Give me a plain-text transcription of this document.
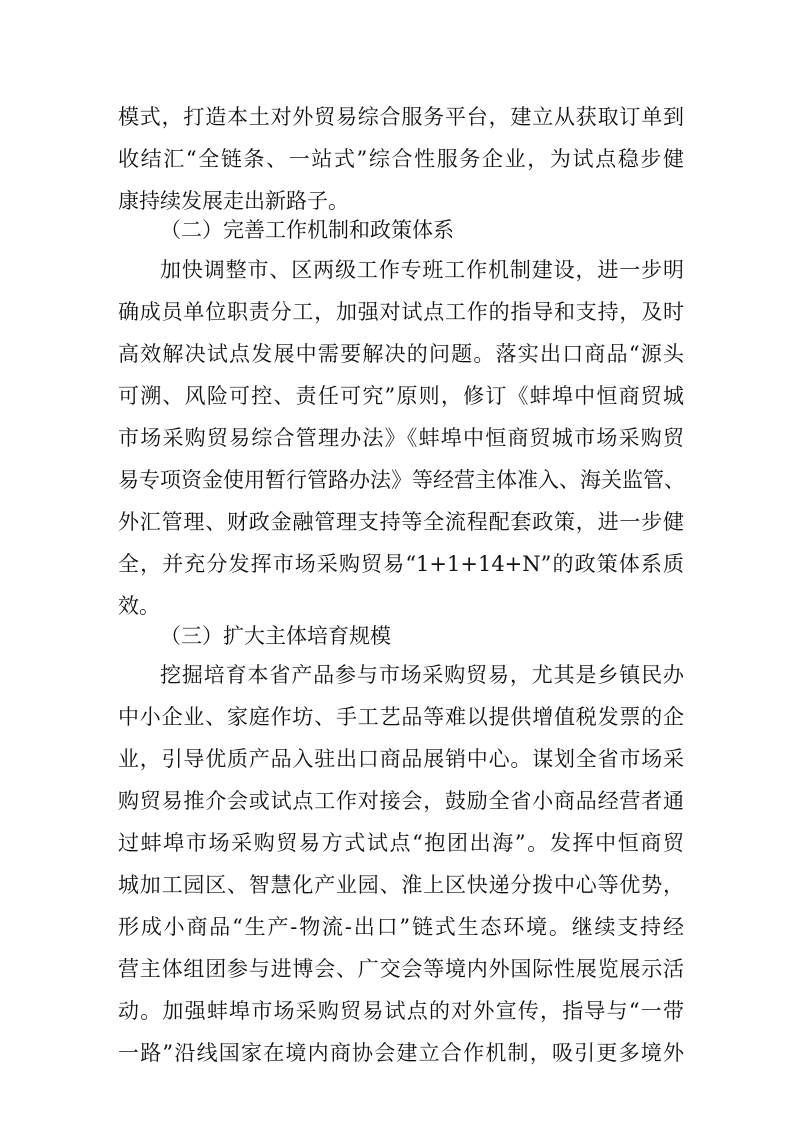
模式，打造本土对外贸易综合服务平台，建立从获取订单到
收结汇“全链条、一站式”综合性服务企业，为试点稳步健
康持续发展走出新路子。
（二）完善工作机制和政策体系
加快调整市、区两级工作专班工作机制建设，进一步明
确成员单位职责分工，加强对试点工作的指导和支持，及时
高效解决试点发展中需要解决的问题。落实出口商品“源头
可溯、风险可控、责任可究”原则，修订《蚌埠中恒商贸城
市场采购贸易综合管理办法》《蚌埠中恒商贸城市场采购贸
易专项资金使用暂行管路办法》等经营主体准入、海关监管、
外汇管理、财政金融管理支持等全流程配套政策，进一步健
全，并充分发挥市场采购贸易“1+1+14+N”的政策体系质
效。
（三）扩大主体培育规模
挖掘培育本省产品参与市场采购贸易，尤其是乡镇民办
中小企业、家庭作坊、手工艺品等难以提供增值税发票的企
业，引导优质产品入驻出口商品展销中心。谋划全省市场采
购贸易推介会或试点工作对接会，鼓励全省小商品经营者通
过蚌埠市场采购贸易方式试点“抱团出海”。发挥中恒商贸
城加工园区、智慧化产业园、淮上区快递分拨中心等优势，
形成小商品“生产-物流-出口”链式生态环境。继续支持经
营主体组团参与进博会、广交会等境内外国际性展览展示活
动。加强蚌埠市场采购贸易试点的对外宣传，指导与“一带
一路”沿线国家在境内商协会建立合作机制，吸引更多境外
